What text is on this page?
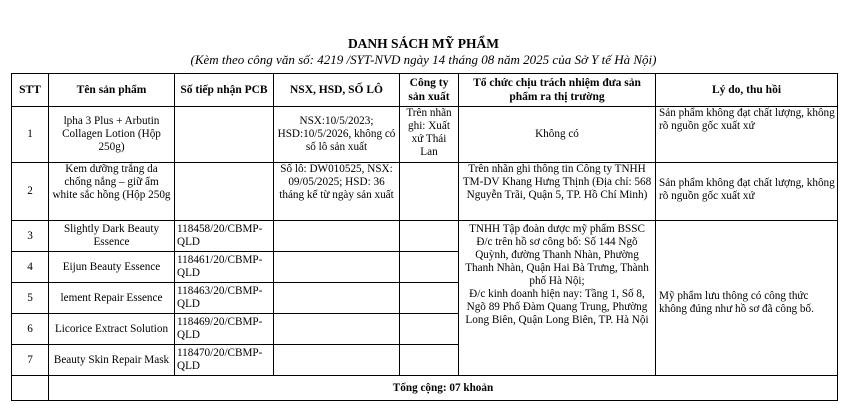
DANH SÁCH MỸ PHẨM
(Kèm theo công văn số: 4219 /SYT-NVD ngày 14 tháng 08 năm 2025 của Sở Y tế Hà Nội)
STT	Tên sản phẩm	Số tiếp nhận PCB	NSX, HSD, SỐ LÔ	Công ty sản xuất	Tổ chức chịu trách nhiệm đưa sản phẩm ra thị trường	Lý do, thu hồi
1	lpha 3 Plus + Arbutin Collagen Lotion (Hộp 250g)		NSX:10/5/2023; HSD:10/5/2026, không có số lô sản xuất	Trên nhãn ghi: Xuất xứ Thái Lan	Không có	Sản phẩm không đạt chất lượng, không rõ nguồn gốc xuất xứ
2	Kem dưỡng trắng da chống nắng – giữ ẩm white sắc hồng (Hộp 250g		Số lô: DW010525, NSX: 09/05/2025; HSD: 36 tháng kể từ ngày sản xuất		Trên nhãn ghi thông tin Công ty TNHH TM-DV Khang Hưng Thịnh (Địa chỉ: 568 Nguyễn Trãi, Quận 5, TP. Hồ Chí Minh)	Sản phẩm không đạt chất lượng, không rõ nguồn gốc xuất xứ
3	Slightly Dark Beauty Essence	118458/20/CBMP-QLD			TNHH Tập đoàn dược mỹ phẩm BSSC
Đ/c trên hồ sơ công bố: Số 144 Ngõ Quỳnh, đường Thanh Nhàn, Phường Thanh Nhàn, Quận Hai Bà Trưng, Thành phố Hà Nội;
Đ/c kinh doanh hiện nay: Tầng 1, Số 8, Ngõ 89 Phố Đàm Quang Trung, Phường Long Biên, Quận Long Biên, TP. Hà Nội	Mỹ phẩm lưu thông có công thức không đúng như hồ sơ đã công bố.
4	Eijun Beauty Essence	118461/20/CBMP-QLD				
5	lement Repair Essence	118463/20/CBMP-QLD				
6	Licorice Extract Solution	118469/20/CBMP-QLD				
7	Beauty Skin Repair Mask	118470/20/CBMP-QLD				
	Tổng cộng: 07 khoản					
